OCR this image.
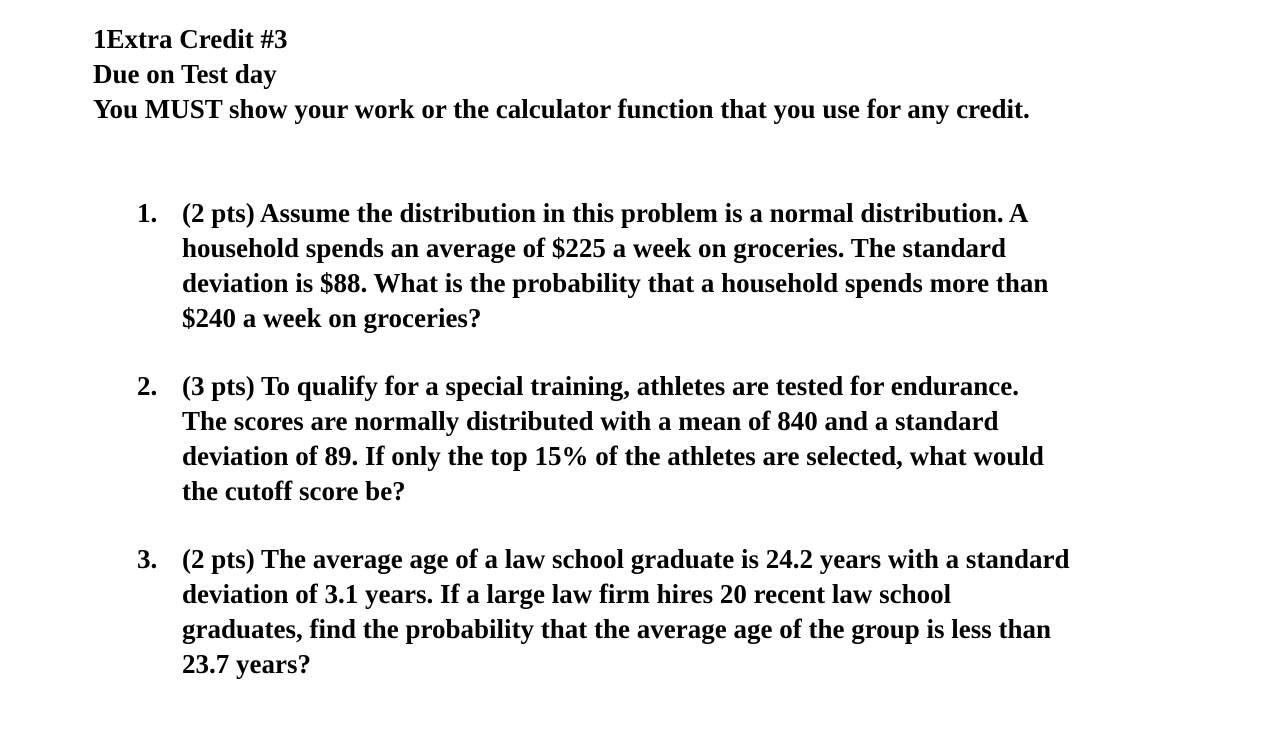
1Extra Credit #3
Due on Test day
You MUST show your work or the calculator function that you use for any credit.
1. (2 pts) Assume the distribution in this problem is a normal distribution. A
household spends an average of $225 a week on groceries. The standard
deviation is $88. What is the probability that a household spends more than
$240 a week on groceries?
2. (3 pts) To qualify for a special training, athletes are tested for endurance.
The scores are normally distributed with a mean of 840 and a standard
deviation of 89. If only the top 15% of the athletes are selected, what would
the cutoff score be?
3. (2 pts) The average age of a law school graduate is 24.2 years with a standard
deviation of 3.1 years. If a large law firm hires 20 recent law school
graduates, find the probability that the average age of the group is less than
23.7 years?
